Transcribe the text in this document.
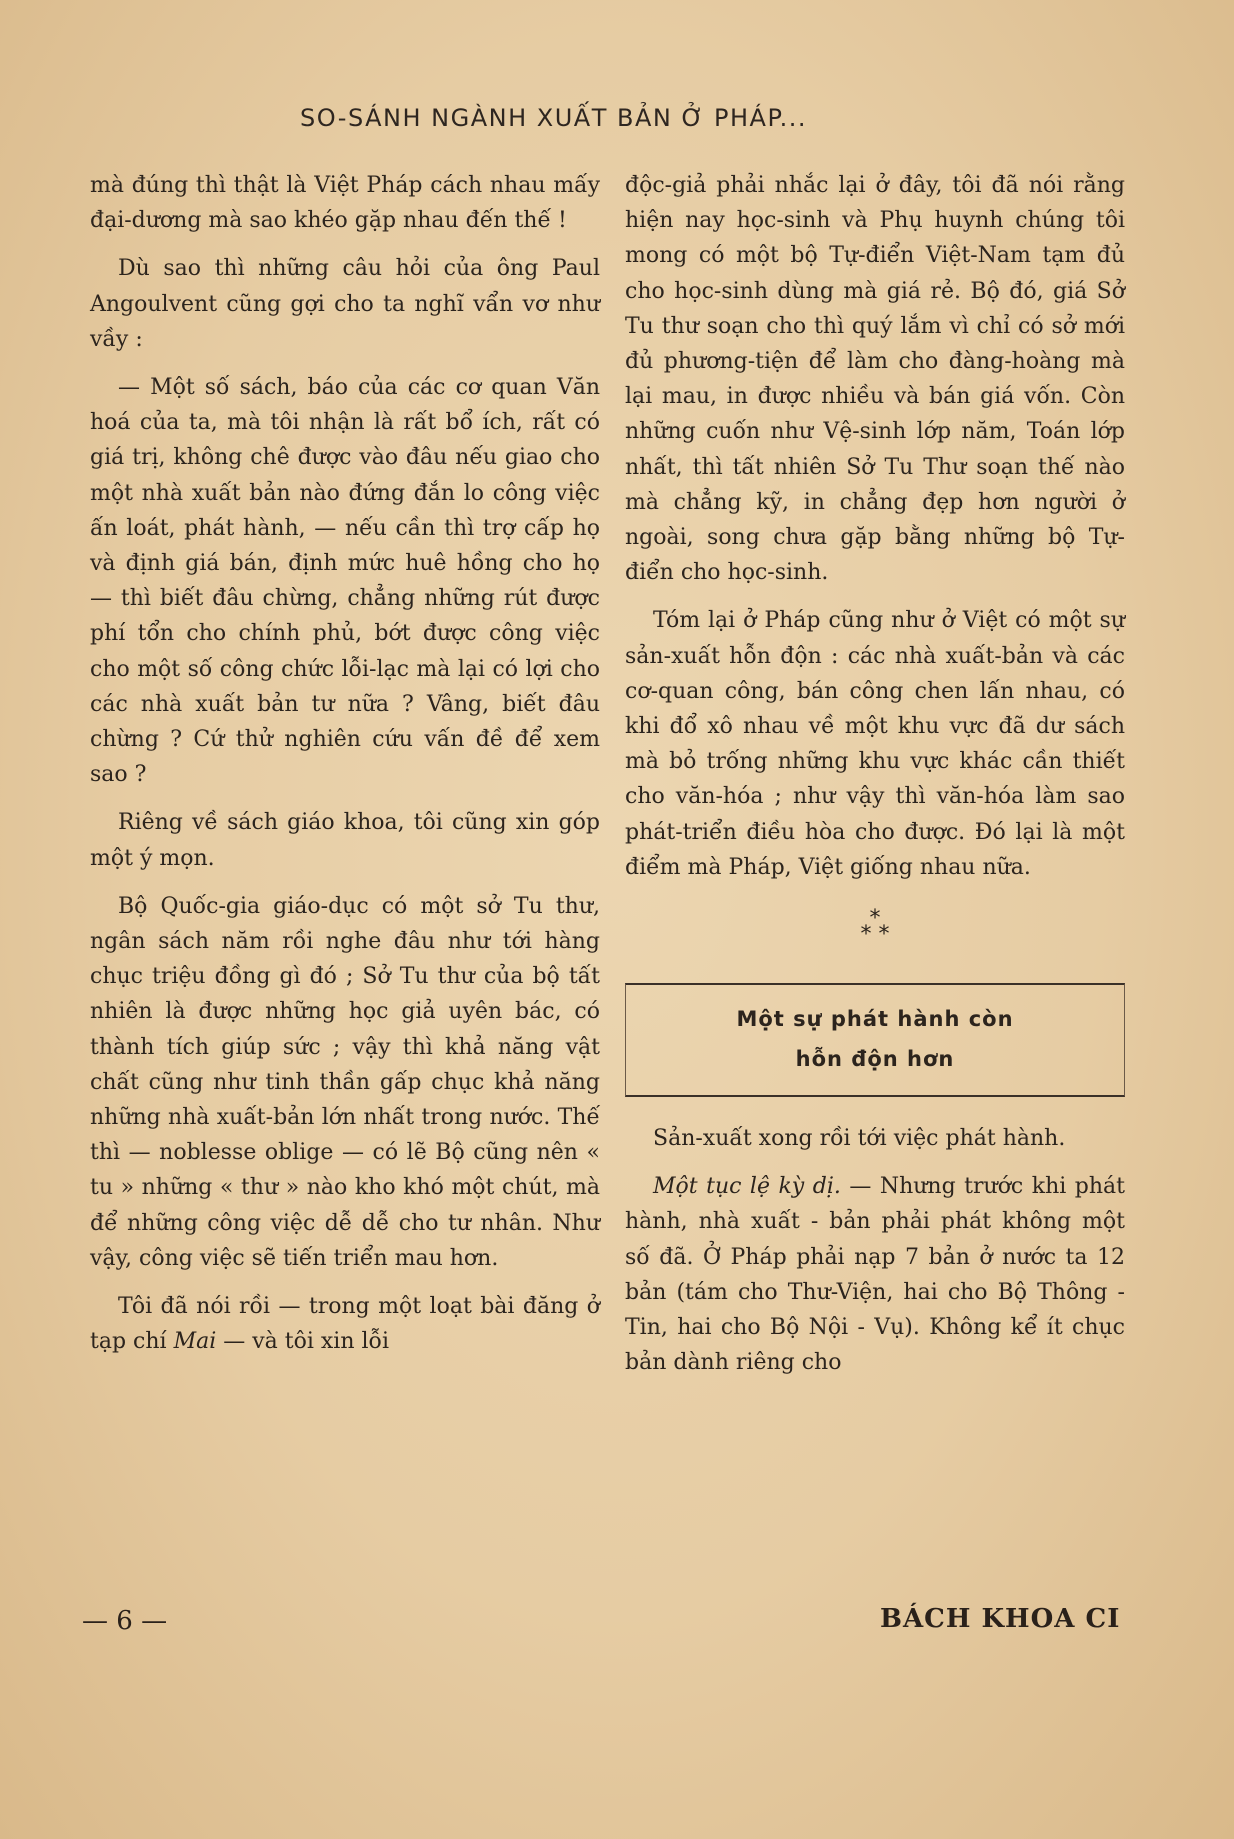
SO-SÁNH NGÀNH XUẤT BẢN Ở PHÁP...

mà đúng thì thật là Việt Pháp cách nhau mấy đại-dương mà sao khéo gặp nhau đến thế !

Dù sao thì những câu hỏi của ông Paul Angoulvent cũng gợi cho ta nghĩ vẩn vơ như vầy :

— Một số sách, báo của các cơ quan Văn hoá của ta, mà tôi nhận là rất bổ ích, rất có giá trị, không chê được vào đâu nếu giao cho một nhà xuất bản nào đứng đắn lo công việc ấn loát, phát hành, — nếu cần thì trợ cấp họ và định giá bán, định mức huê hồng cho họ — thì biết đâu chừng, chẳng những rút được phí tổn cho chính phủ, bớt được công việc cho một số công chức lỗi-lạc mà lại có lợi cho các nhà xuất bản tư nữa ? Vâng, biết đâu chừng ? Cứ thử nghiên cứu vấn đề để xem sao ?

Riêng về sách giáo khoa, tôi cũng xin góp một ý mọn.

Bộ Quốc-gia giáo-dục có một sở Tu thư, ngân sách năm rồi nghe đâu như tới hàng chục triệu đồng gì đó ; Sở Tu thư của bộ tất nhiên là được những học giả uyên bác, có thành tích giúp sức ; vậy thì khả năng vật chất cũng như tinh thần gấp chục khả năng những nhà xuất-bản lớn nhất trong nước. Thế thì — noblesse oblige — có lẽ Bộ cũng nên « tu » những « thư » nào kho khó một chút, mà để những công việc dễ dễ cho tư nhân. Như vậy, công việc sẽ tiến triển mau hơn.

Tôi đã nói rồi — trong một loạt bài đăng ở tạp chí Mai — và tôi xin lỗi

độc-giả phải nhắc lại ở đây, tôi đã nói rằng hiện nay học-sinh và Phụ huynh chúng tôi mong có một bộ Tự-điển Việt-Nam tạm đủ cho học-sinh dùng mà giá rẻ. Bộ đó, giá Sở Tu thư soạn cho thì quý lắm vì chỉ có sở mới đủ phương-tiện để làm cho đàng-hoàng mà lại mau, in được nhiều và bán giá vốn. Còn những cuốn như Vệ-sinh lớp năm, Toán lớp nhất, thì tất nhiên Sở Tu Thư soạn thế nào mà chẳng kỹ, in chẳng đẹp hơn người ở ngoài, song chưa gặp bằng những bộ Tự-điển cho học-sinh.

Tóm lại ở Pháp cũng như ở Việt có một sự sản-xuất hỗn độn : các nhà xuất-bản và các cơ-quan công, bán công chen lấn nhau, có khi đổ xô nhau về một khu vực đã dư sách mà bỏ trống những khu vực khác cần thiết cho văn-hóa ; như vậy thì văn-hóa làm sao phát-triển điều hòa cho được. Đó lại là một điểm mà Pháp, Việt giống nhau nữa.

*
* *
Một sự phát hành còn
hỗn độn hơn

Sản-xuất xong rồi tới việc phát hành.

Một tục lệ kỳ dị. — Nhưng trước khi phát hành, nhà xuất - bản phải phát không một số đã. Ở Pháp phải nạp 7 bản ở nước ta 12 bản (tám cho Thư-Viện, hai cho Bộ Thông - Tin, hai cho Bộ Nội - Vụ). Không kể ít chục bản dành riêng cho

— 6 —	BÁCH KHOA CI
